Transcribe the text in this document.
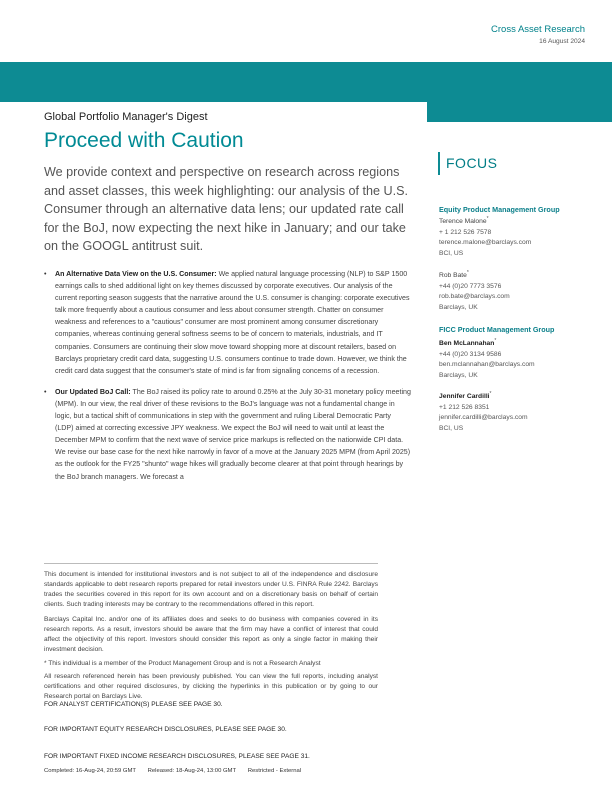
Cross Asset Research
16 August 2024
Global Portfolio Manager's Digest
Proceed with Caution
We provide context and perspective on research across regions and asset classes, this week highlighting: our analysis of the U.S. Consumer through an alternative data lens; our updated rate call for the BoJ, now expecting the next hike in January; and our take on the GOOGL antitrust suit.
FOCUS
Equity Product Management Group
Terence Malone*
+ 1 212 526 7578
terence.malone@barclays.com
BCI, US
Rob Bate*
+44 (0)20 7773 3576
rob.bate@barclays.com
Barclays, UK
FICC Product Management Group
Ben McLannahan*
+44 (0)20 3134 9586
ben.mclannahan@barclays.com
Barclays, UK
Jennifer Cardilli*
+1 212 526 8351
jennifer.cardilli@barclays.com
BCI, US
• An Alternative Data View on the U.S. Consumer: We applied natural language processing (NLP) to S&P 1500 earnings calls to shed additional light on key themes discussed by corporate executives. Our analysis of the current reporting season suggests that the narrative around the U.S. consumer is changing: corporate executives talk more frequently about a cautious consumer and less about consumer strength. Chatter on consumer weakness and references to a "cautious" consumer are most prominent among consumer discretionary companies, whereas continuing general softness seems to be of concern to materials, industrials, and IT companies. Consumers are continuing their slow move toward shopping more at discount retailers, based on Barclays proprietary credit card data, suggesting U.S. consumers continue to trade down. However, we think the credit card data suggest that the consumer's state of mind is far from signaling concerns of a recession.
• Our Updated BoJ Call: The BoJ raised its policy rate to around 0.25% at the July 30-31 monetary policy meeting (MPM). In our view, the real driver of these revisions to the BoJ's language was not a fundamental change in logic, but a tactical shift of communications in step with the government and ruling Liberal Democratic Party (LDP) aimed at correcting excessive JPY weakness. We expect the BoJ will need to wait until at least the December MPM to confirm that the next wave of service price markups is reflected on the nationwide CPI data. We revise our base case for the next hike narrowly in favor of a move at the January 2025 MPM (from April 2025) as the outlook for the FY25 "shunto" wage hikes will gradually become clearer at that point through hearings by the BoJ branch managers. We forecast a

This document is intended for institutional investors and is not subject to all of the independence and disclosure standards applicable to debt research reports prepared for retail investors under U.S. FINRA Rule 2242. Barclays trades the securities covered in this report for its own account and on a discretionary basis on behalf of certain clients. Such trading interests may be contrary to the recommendations offered in this report.

Barclays Capital Inc. and/or one of its affiliates does and seeks to do business with companies covered in its research reports. As a result, investors should be aware that the firm may have a conflict of interest that could affect the objectivity of this report. Investors should consider this report as only a single factor in making their investment decision.

* This individual is a member of the Product Management Group and is not a Research Analyst

All research referenced herein has been previously published. You can view the full reports, including analyst certifications and other required disclosures, by clicking the hyperlinks in this publication or by going to our Research portal on Barclays Live.

FOR ANALYST CERTIFICATION(S) PLEASE SEE PAGE 30.
FOR IMPORTANT EQUITY RESEARCH DISCLOSURES, PLEASE SEE PAGE 30.
FOR IMPORTANT FIXED INCOME RESEARCH DISCLOSURES, PLEASE SEE PAGE 31.
Completed: 16-Aug-24, 20:59 GMT Released: 18-Aug-24, 13:00 GMT Restricted - External
